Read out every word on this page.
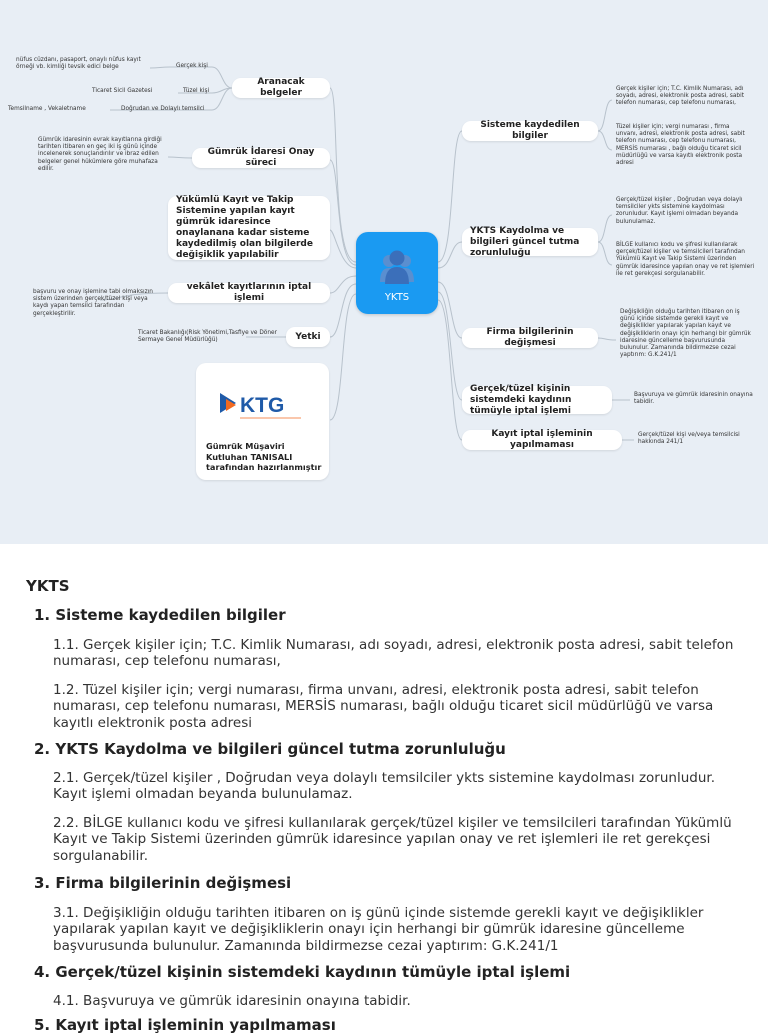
YKTS
Aranacak belgeler
Gümrük İdaresi Onay süreci
Yükümlü Kayıt ve Takip Sistemine yapılan kayıt gümrük idaresince onaylanana kadar sisteme kaydedilmiş olan bilgilerde değişiklik yapılabilir
vekâlet kayıtlarının iptal işlemi
Yetki
Gerçek kişi
nüfus cüzdanı, pasaport, onaylı nüfus kayıt örneği vb. kimliği tevsik edici belge
Tüzel kişi
Ticaret Sicil Gazetesi
Doğrudan ve Dolaylı temsilci
Temsilname , Vekaletname
Gümrük idaresinin evrak kayıtlarına girdiği tarihten itibaren en geç iki iş günü içinde incelenerek sonuçlandırılır ve ibraz edilen belgeler genel hükümlere göre muhafaza edilir.
başvuru ve onay işlemine tabi olmaksızın sistem üzerinden gerçek/tüzel kişi veya kaydı yapan temsilci tarafından gerçekleştirilir.
Ticaret Bakanlığı(Risk Yönetimi,Tasfiye ve Döner Sermaye Genel Müdürlüğü)
KTG
Gümrük Müşaviri Kutluhan TANISALI tarafından hazırlanmıştır
Sisteme kaydedilen bilgiler
YKTS Kaydolma ve bilgileri güncel tutma zorunluluğu
Firma bilgilerinin değişmesi
Gerçek/tüzel kişinin sistemdeki kaydının tümüyle iptal işlemi
Kayıt iptal işleminin yapılmaması
Gerçek kişiler için; T.C. Kimlik Numarası, adı soyadı, adresi, elektronik posta adresi, sabit telefon numarası, cep telefonu numarası,
Tüzel kişiler için; vergi numarası , firma unvanı, adresi, elektronik posta adresi, sabit telefon numarası, cep telefonu numarası, MERSİS numarası , bağlı olduğu ticaret sicil müdürlüğü ve varsa kayıtlı elektronik posta adresi
Gerçek/tüzel kişiler , Doğrudan veya dolaylı temsilciler ykts sistemine kaydolması zorunludur. Kayıt işlemi olmadan beyanda bulunulamaz.
BİLGE kullanıcı kodu ve şifresi kullanılarak gerçek/tüzel kişiler ve temsilcileri tarafından Yükümlü Kayıt ve Takip Sistemi üzerinden gümrük idaresince yapılan onay ve ret işlemleri ile ret gerekçesi sorgulanabilir.
Değişikliğin olduğu tarihten itibaren on iş günü içinde sistemde gerekli kayıt ve değişiklikler yapılarak yapılan kayıt ve değişikliklerin onayı için herhangi bir gümrük idaresine güncelleme başvurusunda bulunulur. Zamanında bildirmezse cezai yaptırım: G.K.241/1
Başvuruya ve gümrük idaresinin onayına tabidir.
Gerçek/tüzel kişi ve/veya temsilcisi hakkında 241/1
YKTS
1. Sisteme kaydedilen bilgiler
1.1. Gerçek kişiler için; T.C. Kimlik Numarası, adı soyadı, adresi, elektronik posta adresi, sabit telefon numarası, cep telefonu numarası,
1.2. Tüzel kişiler için; vergi numarası, firma unvanı, adresi, elektronik posta adresi, sabit telefon numarası, cep telefonu numarası, MERSİS numarası, bağlı olduğu ticaret sicil müdürlüğü ve varsa kayıtlı elektronik posta adresi
2. YKTS Kaydolma ve bilgileri güncel tutma zorunluluğu
2.1. Gerçek/tüzel kişiler , Doğrudan veya dolaylı temsilciler ykts sistemine kaydolması zorunludur. Kayıt işlemi olmadan beyanda bulunulamaz.
2.2. BİLGE kullanıcı kodu ve şifresi kullanılarak gerçek/tüzel kişiler ve temsilcileri tarafından Yükümlü Kayıt ve Takip Sistemi üzerinden gümrük idaresince yapılan onay ve ret işlemleri ile ret gerekçesi sorgulanabilir.
3. Firma bilgilerinin değişmesi
3.1. Değişikliğin olduğu tarihten itibaren on iş günü içinde sistemde gerekli kayıt ve değişiklikler yapılarak yapılan kayıt ve değişikliklerin onayı için herhangi bir gümrük idaresine güncelleme başvurusunda bulunulur. Zamanında bildirmezse cezai yaptırım: G.K.241/1
4. Gerçek/tüzel kişinin sistemdeki kaydının tümüyle iptal işlemi
4.1. Başvuruya ve gümrük idaresinin onayına tabidir.
5. Kayıt iptal işleminin yapılmaması
